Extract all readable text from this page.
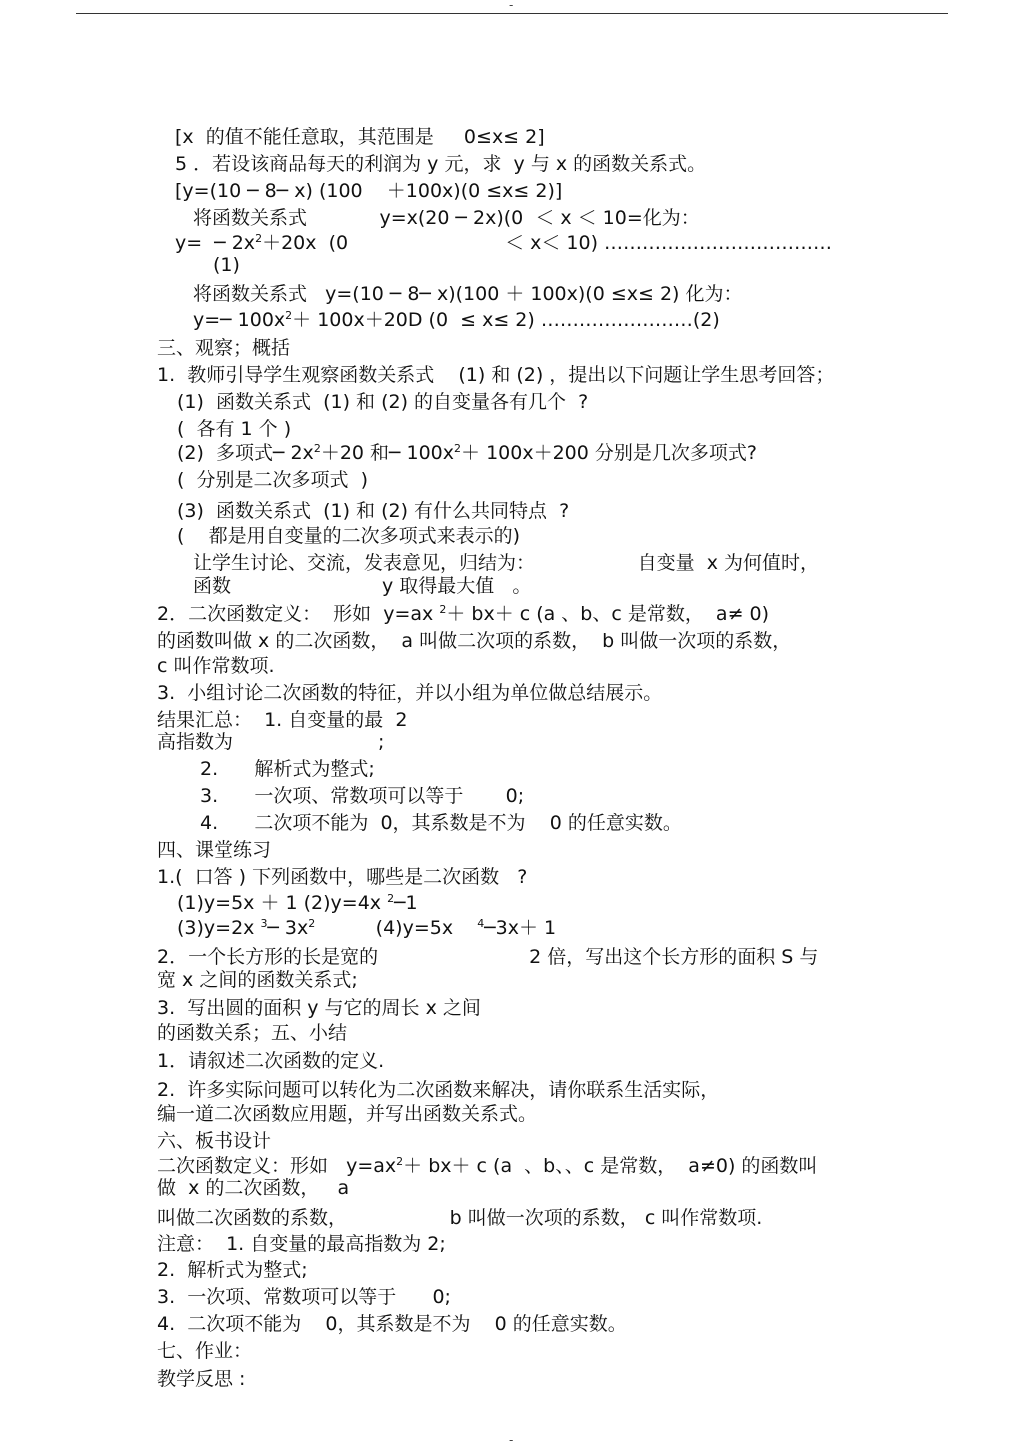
-
-
[x  的值不能任意取，其范围是     0≤x≤ 2]
5 ．若设该商品每天的利润为 y 元，求  y 与 x 的函数关系式。
[y=(10 ─ 8─ x) (100    ＋100x)(0 ≤x≤ 2)]
将函数关系式            y=x(20 ─ 2x)(0  ＜ x ＜ 10=化为：
y=  ─ $2x^2+20x$  (0                          ＜ x＜ 10) ………………………………
(1)
将函数关系式   y=(10 ─ 8─ x)(100 ＋ 100x)(0 ≤x≤ 2) 化为：
y=─ $100x^2+ 100x+20D$ (0  ≤ x≤ 2) ……………………(2)
三、观察；概括
1.  教师引导学生观察函数关系式    (1) 和 (2) ，提出以下问题让学生思考回答；
(1)  函数关系式  (1) 和 (2) 的自变量各有几个  ?
(  各有 1 个 )
(2)  多项式─ $2x^2+20$ 和─ $100x^2+ 100x+200$ 分别是几次多项式?
(  分别是二次多项式  )
(3)  函数关系式  (1) 和 (2) 有什么共同特点  ?
(    都是用自变量的二次多项式来表示的)
让学生讨论、交流，发表意见，归结为：                 自变量  x 为何值时，
函数                         y 取得最大值   。
2．二次函数定义：  形如  y=ax $^2$＋ bx＋ c (a 、b、c 是常数，  a≠ 0)
的函数叫做 x 的二次函数，  a 叫做二次项的系数，  b 叫做一次项的系数，
c 叫作常数项.
3.  小组讨论二次函数的特征，并以小组为单位做总结展示。
结果汇总：  1. 自变量的最  2
高指数为                        ;
2.      解析式为整式;
3.      一次项、常数项可以等于       0;
4.      二次项不能为  0，其系数是不为    0 的任意实数。
四、课堂练习
1.(  口答 ) 下列函数中，哪些是二次函数   ?
(1)y=5x ＋ 1 (2)y=4x $^2$─1
(3)y=2x $^3$─ $3x^2$          (4)y=5x    $^4$─3x＋ 1
2．一个长方形的长是宽的                         2 倍，写出这个长方形的面积 S 与
宽 x 之间的函数关系式;
3.  写出圆的面积 y 与它的周长 x 之间
的函数关系；五、小结
1．请叙述二次函数的定义.
2.  许多实际问题可以转化为二次函数来解决，请你联系生活实际，
编一道二次函数应用题，并写出函数关系式。
六、板书设计
二次函数定义：形如   $y=ax^2+ bx+ c$ (a  、b、、c 是常数，  a≠0) 的函数叫
做  x 的二次函数，   a
叫做二次函数的系数，                 b 叫做一次项的系数， c 叫作常数项.
注意：  1. 自变量的最高指数为 2;
2.  解析式为整式;
3.  一次项、常数项可以等于      0;
4.  二次项不能为    0，其系数是不为    0 的任意实数。
七、作业：
教学反思 :
